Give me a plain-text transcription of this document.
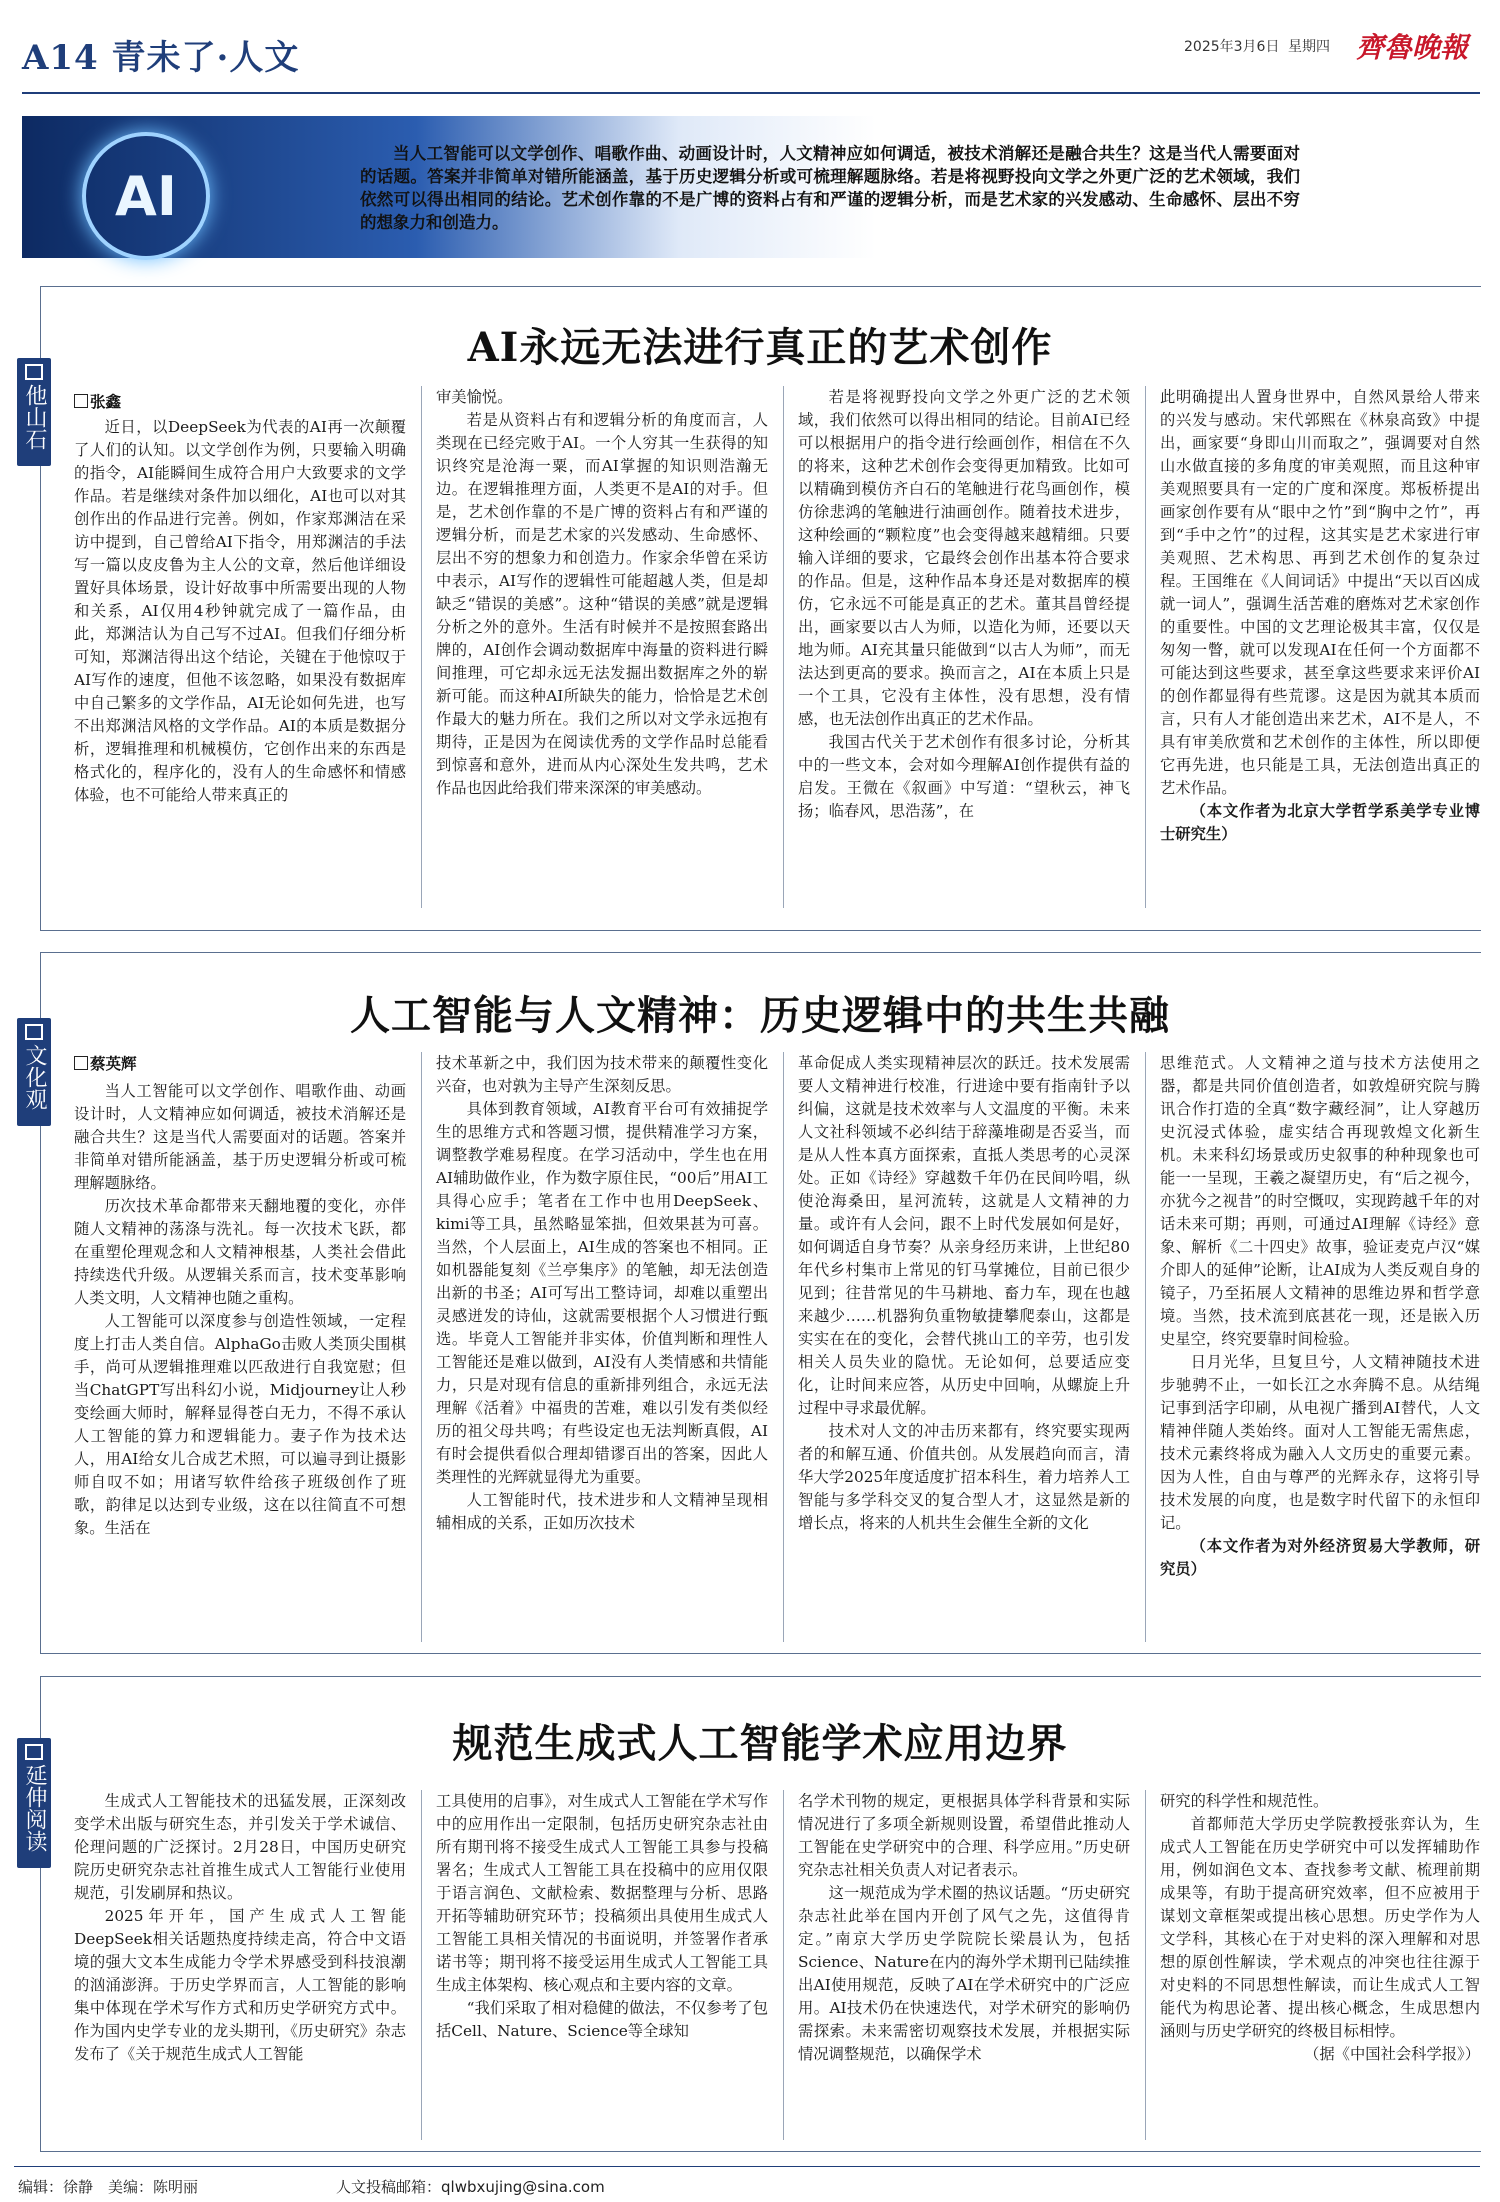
A14 青未了·人文	2025年3月6日 星期四 齊魯晚報
AI
当人工智能可以文学创作、唱歌作曲、动画设计时，人文精神应如何调适，被技术消解还是融合共生？这是当代人需要面对的话题。答案并非简单对错所能涵盖，基于历史逻辑分析或可梳理解题脉络。若是将视野投向文学之外更广泛的艺术领域，我们依然可以得出相同的结论。艺术创作靠的不是广博的资料占有和严谨的逻辑分析，而是艺术家的兴发感动、生命感怀、层出不穷的想象力和创造力。
他山石
AI永远无法进行真正的艺术创作
张鑫

近日，以DeepSeek为代表的AI再一次颠覆了人们的认知。以文学创作为例，只要输入明确的指令，AI能瞬间生成符合用户大致要求的文学作品。若是继续对条件加以细化，AI也可以对其创作出的作品进行完善。例如，作家郑渊洁在采访中提到，自己曾给AI下指令，用郑渊洁的手法写一篇以皮皮鲁为主人公的文章，然后他详细设置好具体场景，设计好故事中所需要出现的人物和关系，AI仅用4秒钟就完成了一篇作品，由此，郑渊洁认为自己写不过AI。但我们仔细分析可知，郑渊洁得出这个结论，关键在于他惊叹于AI写作的速度，但他不该忽略，如果没有数据库中自己繁多的文学作品，AI无论如何先进，也写不出郑渊洁风格的文学作品。AI的本质是数据分析，逻辑推理和机械模仿，它创作出来的东西是格式化的，程序化的，没有人的生命感怀和情感体验，也不可能给人带来真正的

审美愉悦。

若是从资料占有和逻辑分析的角度而言，人类现在已经完败于AI。一个人穷其一生获得的知识终究是沧海一粟，而AI掌握的知识则浩瀚无边。在逻辑推理方面，人类更不是AI的对手。但是，艺术创作靠的不是广博的资料占有和严谨的逻辑分析，而是艺术家的兴发感动、生命感怀、层出不穷的想象力和创造力。作家余华曾在采访中表示，AI写作的逻辑性可能超越人类，但是却缺乏“错误的美感”。这种“错误的美感”就是逻辑分析之外的意外。生活有时候并不是按照套路出牌的，AI创作会调动数据库中海量的资料进行瞬间推理，可它却永远无法发掘出数据库之外的崭新可能。而这种AI所缺失的能力，恰恰是艺术创作最大的魅力所在。我们之所以对文学永远抱有期待，正是因为在阅读优秀的文学作品时总能看到惊喜和意外，进而从内心深处生发共鸣，艺术作品也因此给我们带来深深的审美感动。

若是将视野投向文学之外更广泛的艺术领域，我们依然可以得出相同的结论。目前AI已经可以根据用户的指令进行绘画创作，相信在不久的将来，这种艺术创作会变得更加精致。比如可以精确到模仿齐白石的笔触进行花鸟画创作，模仿徐悲鸿的笔触进行油画创作。随着技术进步，这种绘画的“颗粒度”也会变得越来越精细。只要输入详细的要求，它最终会创作出基本符合要求的作品。但是，这种作品本身还是对数据库的模仿，它永远不可能是真正的艺术。董其昌曾经提出，画家要以古人为师，以造化为师，还要以天地为师。AI充其量只能做到“以古人为师”，而无法达到更高的要求。换而言之，AI在本质上只是一个工具，它没有主体性，没有思想，没有情感，也无法创作出真正的艺术作品。

我国古代关于艺术创作有很多讨论，分析其中的一些文本，会对如今理解AI创作提供有益的启发。王微在《叙画》中写道：“望秋云，神飞扬；临春风，思浩荡”，在

此明确提出人置身世界中，自然风景给人带来的兴发与感动。宋代郭熙在《林泉高致》中提出，画家要“身即山川而取之”，强调要对自然山水做直接的多角度的审美观照，而且这种审美观照要具有一定的广度和深度。郑板桥提出画家创作要有从“眼中之竹”到“胸中之竹”，再到“手中之竹”的过程，这其实是艺术家进行审美观照、艺术构思、再到艺术创作的复杂过程。王国维在《人间词话》中提出“天以百凶成就一词人”，强调生活苦难的磨炼对艺术家创作的重要性。中国的文艺理论极其丰富，仅仅是匆匆一瞥，就可以发现AI在任何一个方面都不可能达到这些要求，甚至拿这些要求来评价AI的创作都显得有些荒谬。这是因为就其本质而言，只有人才能创造出来艺术，AI不是人，不具有审美欣赏和艺术创作的主体性，所以即便它再先进，也只能是工具，无法创造出真正的艺术作品。

（本文作者为北京大学哲学系美学专业博士研究生）

文化观
人工智能与人文精神：历史逻辑中的共生共融
蔡英辉

当人工智能可以文学创作、唱歌作曲、动画设计时，人文精神应如何调适，被技术消解还是融合共生？这是当代人需要面对的话题。答案并非简单对错所能涵盖，基于历史逻辑分析或可梳理解题脉络。

历次技术革命都带来天翻地覆的变化，亦伴随人文精神的荡涤与洗礼。每一次技术飞跃，都在重塑伦理观念和人文精神根基，人类社会借此持续迭代升级。从逻辑关系而言，技术变革影响人类文明，人文精神也随之重构。

人工智能可以深度参与创造性领域，一定程度上打击人类自信。AlphaGo击败人类顶尖围棋手，尚可从逻辑推理难以匹敌进行自我宽慰；但当ChatGPT写出科幻小说，Midjourney让人秒变绘画大师时，解释显得苍白无力，不得不承认人工智能的算力和逻辑能力。妻子作为技术达人，用AI给女儿合成艺术照，可以遍寻到让摄影师自叹不如；用诸写软件给孩子班级创作了班歌，韵律足以达到专业级，这在以往简直不可想象。生活在

技术革新之中，我们因为技术带来的颠覆性变化兴奋，也对孰为主导产生深刻反思。

具体到教育领域，AI教育平台可有效捕捉学生的思维方式和答题习惯，提供精准学习方案，调整教学难易程度。在学习活动中，学生也在用AI辅助做作业，作为数字原住民，“00后”用AI工具得心应手；笔者在工作中也用DeepSeek、kimi等工具，虽然略显笨拙，但效果甚为可喜。当然，个人层面上，AI生成的答案也不相同。正如机器能复刻《兰亭集序》的笔触，却无法创造出新的书圣；AI可写出工整诗词，却难以重塑出灵感迸发的诗仙，这就需要根据个人习惯进行甄选。毕竟人工智能并非实体，价值判断和理性人工智能还是难以做到，AI没有人类情感和共情能力，只是对现有信息的重新排列组合，永远无法理解《活着》中福贵的苦难，难以引发有类似经历的祖父母共鸣；有些设定也无法判断真假，AI有时会提供看似合理却错谬百出的答案，因此人类理性的光辉就显得尤为重要。

人工智能时代，技术进步和人文精神呈现相辅相成的关系，正如历次技术

革命促成人类实现精神层次的跃迁。技术发展需要人文精神进行校准，行进途中要有指南针予以纠偏，这就是技术效率与人文温度的平衡。未来人文社科领域不必纠结于辞藻堆砌是否妥当，而是从人性本真方面探索，直抵人类思考的心灵深处。正如《诗经》穿越数千年仍在民间吟唱，纵使沧海桑田，星河流转，这就是人文精神的力量。或许有人会问，跟不上时代发展如何是好，如何调适自身节奏？从亲身经历来讲，上世纪80年代乡村集市上常见的钉马掌摊位，目前已很少见到；往昔常见的牛马耕地、畜力车，现在也越来越少……机器狗负重物敏捷攀爬泰山，这都是实实在在的变化，会替代挑山工的辛劳，也引发相关人员失业的隐忧。无论如何，总要适应变化，让时间来应答，从历史中回响，从螺旋上升过程中寻求最优解。

技术对人文的冲击历来都有，终究要实现两者的和解互通、价值共创。从发展趋向而言，清华大学2025年度适度扩招本科生，着力培养人工智能与多学科交叉的复合型人才，这显然是新的增长点，将来的人机共生会催生全新的文化

思维范式。人文精神之道与技术方法使用之器，都是共同价值创造者，如敦煌研究院与腾讯合作打造的全真“数字藏经洞”，让人穿越历史沉浸式体验，虚实结合再现敦煌文化新生机。未来科幻场景或历史叙事的种种现象也可能一一呈现，王羲之凝望历史，有“后之视今，亦犹今之视昔”的时空慨叹，实现跨越千年的对话未来可期；再则，可通过AI理解《诗经》意象、解析《二十四史》故事，验证麦克卢汉“媒介即人的延伸”论断，让AI成为人类反观自身的镜子，乃至拓展人文精神的思维边界和哲学意境。当然，技术流到底甚花一现，还是嵌入历史星空，终究要靠时间检验。

日月光华，旦复旦兮，人文精神随技术进步驰骋不止，一如长江之水奔腾不息。从结绳记事到活字印刷，从电视广播到AI替代，人文精神伴随人类始终。面对人工智能无需焦虑，技术元素终将成为融入人文历史的重要元素。因为人性，自由与尊严的光辉永存，这将引导技术发展的向度，也是数字时代留下的永恒印记。

（本文作者为对外经济贸易大学教师，研究员）

延伸阅读
规范生成式人工智能学术应用边界

生成式人工智能技术的迅猛发展，正深刻改变学术出版与研究生态，并引发关于学术诚信、伦理问题的广泛探讨。2月28日，中国历史研究院历史研究杂志社首推生成式人工智能行业使用规范，引发刷屏和热议。

2025年开年，国产生成式人工智能DeepSeek相关话题热度持续走高，符合中文语境的强大文本生成能力令学术界感受到科技浪潮的汹涌澎湃。于历史学界而言，人工智能的影响集中体现在学术写作方式和历史学研究方式中。作为国内史学专业的龙头期刊，《历史研究》杂志发布了《关于规范生成式人工智能

工具使用的启事》，对生成式人工智能在学术写作中的应用作出一定限制，包括历史研究杂志社由所有期刊将不接受生成式人工智能工具参与投稿署名；生成式人工智能工具在投稿中的应用仅限于语言润色、文献检索、数据整理与分析、思路开拓等辅助研究环节；投稿须出具使用生成式人工智能工具相关情况的书面说明，并签署作者承诺书等；期刊将不接受运用生成式人工智能工具生成主体架构、核心观点和主要内容的文章。

“我们采取了相对稳健的做法，不仅参考了包括Cell、Nature、Science等全球知

名学术刊物的规定，更根据具体学科背景和实际情况进行了多项全新规则设置，希望借此推动人工智能在史学研究中的合理、科学应用。”历史研究杂志社相关负责人对记者表示。

这一规范成为学术圈的热议话题。“历史研究杂志社此举在国内开创了风气之先，这值得肯定。”南京大学历史学院院长梁晨认为，包括Science、Nature在内的海外学术期刊已陆续推出AI使用规范，反映了AI在学术研究中的广泛应用。AI技术仍在快速迭代，对学术研究的影响仍需探索。未来需密切观察技术发展，并根据实际情况调整规范，以确保学术

研究的科学性和规范性。

首都师范大学历史学院教授张弈认为，生成式人工智能在历史学研究中可以发挥辅助作用，例如润色文本、查找参考文献、梳理前期成果等，有助于提高研究效率，但不应被用于谋划文章框架或提出核心思想。历史学作为人文学科，其核心在于对史料的深入理解和对思想的原创性解读，学术观点的冲突也往往源于对史料的不同思想性解读，而让生成式人工智能代为构思论著、提出核心概念，生成思想内涵则与历史学研究的终极目标相悖。

（据《中国社会科学报》）

编辑：徐静　美编：陈明丽	人文投稿邮箱：qlwbxujing@sina.com
